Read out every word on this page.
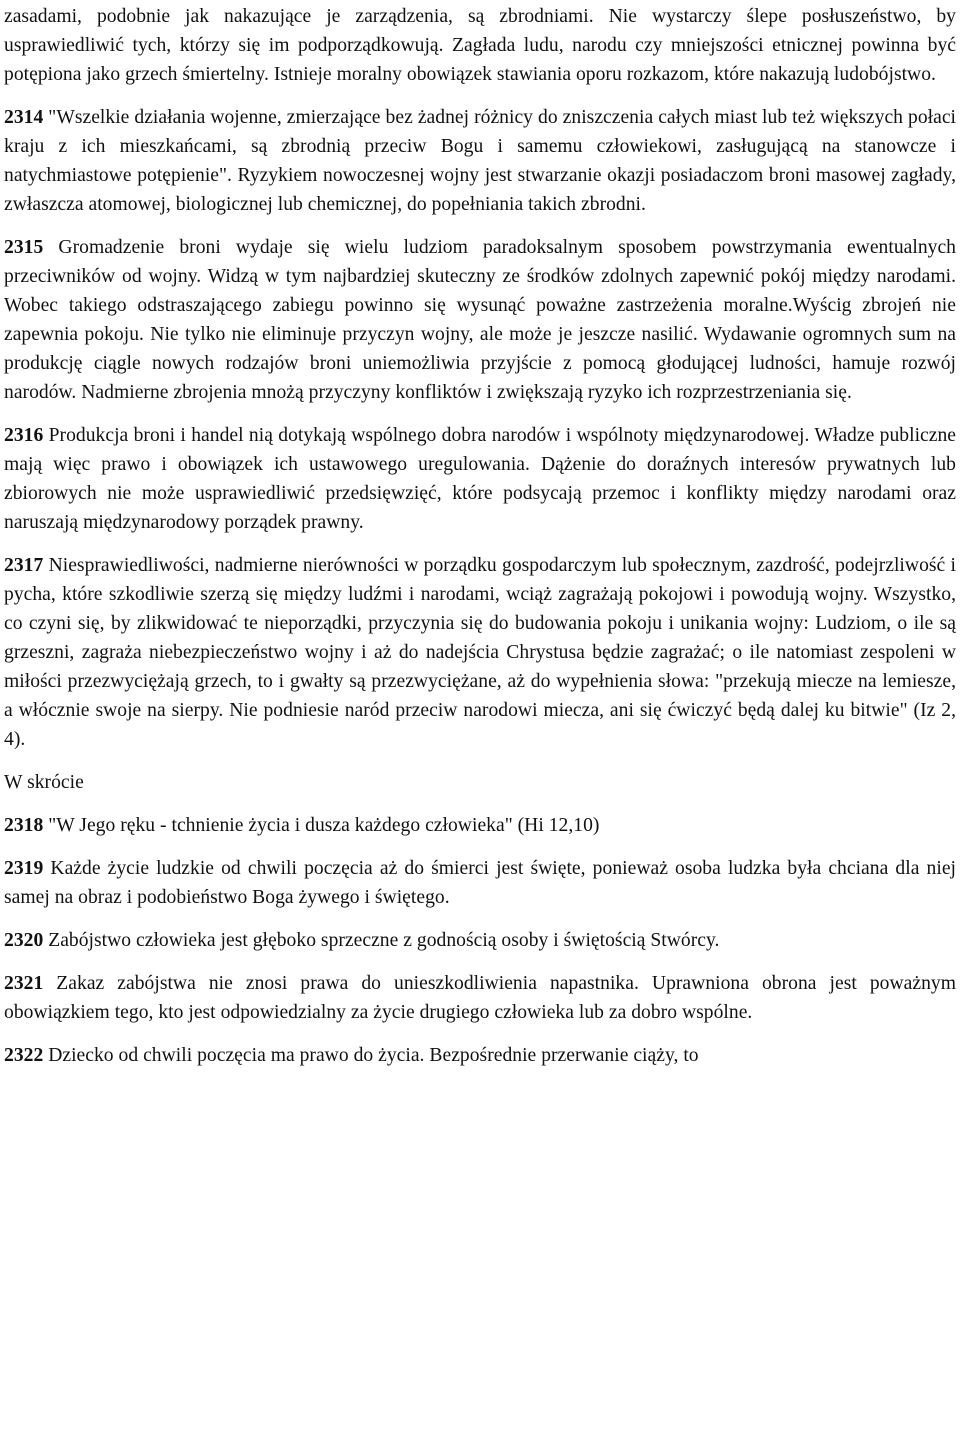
zasadami, podobnie jak nakazujące je zarządzenia, są zbrodniami. Nie wystarczy ślepe posłuszeństwo, by usprawiedliwić tych, którzy się im podporządkowują. Zagłada ludu, narodu czy mniejszości etnicznej powinna być potępiona jako grzech śmiertelny. Istnieje moralny obowiązek stawiania oporu rozkazom, które nakazują ludobójstwo.

2314 "Wszelkie działania wojenne, zmierzające bez żadnej różnicy do zniszczenia całych miast lub też większych połaci kraju z ich mieszkańcami, są zbrodnią przeciw Bogu i samemu człowiekowi, zasługującą na stanowcze i natychmiastowe potępienie". Ryzykiem nowoczesnej wojny jest stwarzanie okazji posiadaczom broni masowej zagłady, zwłaszcza atomowej, biologicznej lub chemicznej, do popełniania takich zbrodni.

2315 Gromadzenie broni wydaje się wielu ludziom paradoksalnym sposobem powstrzymania ewentualnych przeciwników od wojny. Widzą w tym najbardziej skuteczny ze środków zdolnych zapewnić pokój między narodami. Wobec takiego odstraszającego zabiegu powinno się wysunąć poważne zastrzeżenia moralne.Wyścig zbrojeń nie zapewnia pokoju. Nie tylko nie eliminuje przyczyn wojny, ale może je jeszcze nasilić. Wydawanie ogromnych sum na produkcję ciągle nowych rodzajów broni uniemożliwia przyjście z pomocą głodującej ludności, hamuje rozwój narodów. Nadmierne zbrojenia mnożą przyczyny konfliktów i zwiększają ryzyko ich rozprzestrzeniania się.

2316 Produkcja broni i handel nią dotykają wspólnego dobra narodów i wspólnoty międzynarodowej. Władze publiczne mają więc prawo i obowiązek ich ustawowego uregulowania. Dążenie do doraźnych interesów prywatnych lub zbiorowych nie może usprawiedliwić przedsięwzięć, które podsycają przemoc i konflikty między narodami oraz naruszają międzynarodowy porządek prawny.

2317 Niesprawiedliwości, nadmierne nierówności w porządku gospodarczym lub społecznym, zazdrość, podejrzliwość i pycha, które szkodliwie szerzą się między ludźmi i narodami, wciąż zagrażają pokojowi i powodują wojny. Wszystko, co czyni się, by zlikwidować te nieporządki, przyczynia się do budowania pokoju i unikania wojny: Ludziom, o ile są grzeszni, zagraża niebezpieczeństwo wojny i aż do nadejścia Chrystusa będzie zagrażać; o ile natomiast zespoleni w miłości przezwyciężają grzech, to i gwałty są przezwyciężane, aż do wypełnienia słowa: "przekują miecze na lemiesze, a włócznie swoje na sierpy. Nie podniesie naród przeciw narodowi miecza, ani się ćwiczyć będą dalej ku bitwie" (Iz 2, 4).

W skrócie

2318 "W Jego ręku - tchnienie życia i dusza każdego człowieka" (Hi 12,10)

2319 Każde życie ludzkie od chwili poczęcia aż do śmierci jest święte, ponieważ osoba ludzka była chciana dla niej samej na obraz i podobieństwo Boga żywego i świętego.

2320 Zabójstwo człowieka jest głęboko sprzeczne z godnością osoby i świętością Stwórcy.

2321 Zakaz zabójstwa nie znosi prawa do unieszkodliwienia napastnika. Uprawniona obrona jest poważnym obowiązkiem tego, kto jest odpowiedzialny za życie drugiego człowieka lub za dobro wspólne.

2322 Dziecko od chwili poczęcia ma prawo do życia. Bezpośrednie przerwanie ciąży, to
